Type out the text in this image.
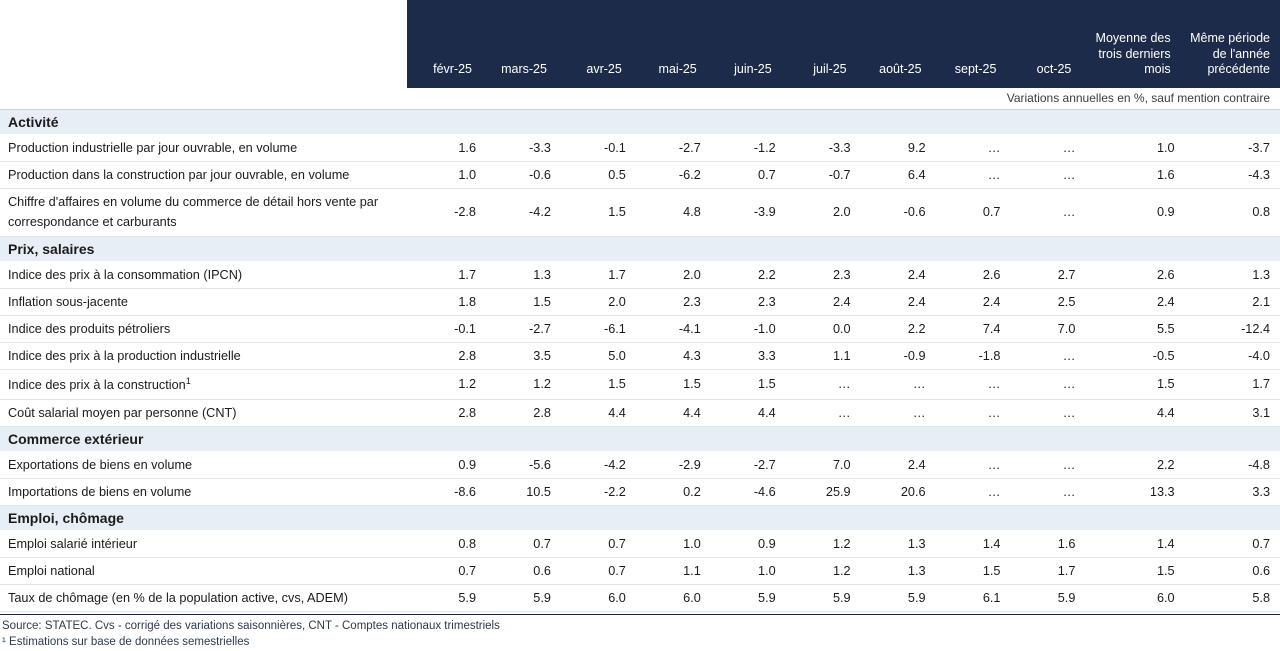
	févr-25	mars-25	avr-25	mai-25	juin-25	juil-25	août-25	sept-25	oct-25	Moyenne des trois derniers mois	Même période de l'année précédente
Variations annuelles en %, sauf mention contraire											
Activité											
Production industrielle par jour ouvrable, en volume	1.6	-3.3	-0.1	-2.7	-1.2	-3.3	9.2	…	…	1.0	-3.7
Production dans la construction par jour ouvrable, en volume	1.0	-0.6	0.5	-6.2	0.7	-0.7	6.4	…	…	1.6	-4.3
Chiffre d'affaires en volume du commerce de détail hors vente par correspondance et carburants	-2.8	-4.2	1.5	4.8	-3.9	2.0	-0.6	0.7	…	0.9	0.8
Prix, salaires											
Indice des prix à la consommation (IPCN)	1.7	1.3	1.7	2.0	2.2	2.3	2.4	2.6	2.7	2.6	1.3
Inflation sous-jacente	1.8	1.5	2.0	2.3	2.3	2.4	2.4	2.4	2.5	2.4	2.1
Indice des produits pétroliers	-0.1	-2.7	-6.1	-4.1	-1.0	0.0	2.2	7.4	7.0	5.5	-12.4
Indice des prix à la production industrielle	2.8	3.5	5.0	4.3	3.3	1.1	-0.9	-1.8	…	-0.5	-4.0
Indice des prix à la construction$^1$	1.2	1.2	1.5	1.5	1.5	…	…	…	…	1.5	1.7
Coût salarial moyen par personne (CNT)	2.8	2.8	4.4	4.4	4.4	…	…	…	…	4.4	3.1
Commerce extérieur											
Exportations de biens en volume	0.9	-5.6	-4.2	-2.9	-2.7	7.0	2.4	…	…	2.2	-4.8
Importations de biens en volume	-8.6	10.5	-2.2	0.2	-4.6	25.9	20.6	…	…	13.3	3.3
Emploi, chômage											
Emploi salarié intérieur	0.8	0.7	0.7	1.0	0.9	1.2	1.3	1.4	1.6	1.4	0.7
Emploi national	0.7	0.6	0.7	1.1	1.0	1.2	1.3	1.5	1.7	1.5	0.6
Taux de chômage (en % de la population active, cvs, ADEM)	5.9	5.9	6.0	6.0	5.9	5.9	5.9	6.1	5.9	6.0	5.8
Source: STATEC. Cvs - corrigé des variations saisonnières, CNT - Comptes nationaux trimestriels
¹ Estimations sur base de données semestrielles
